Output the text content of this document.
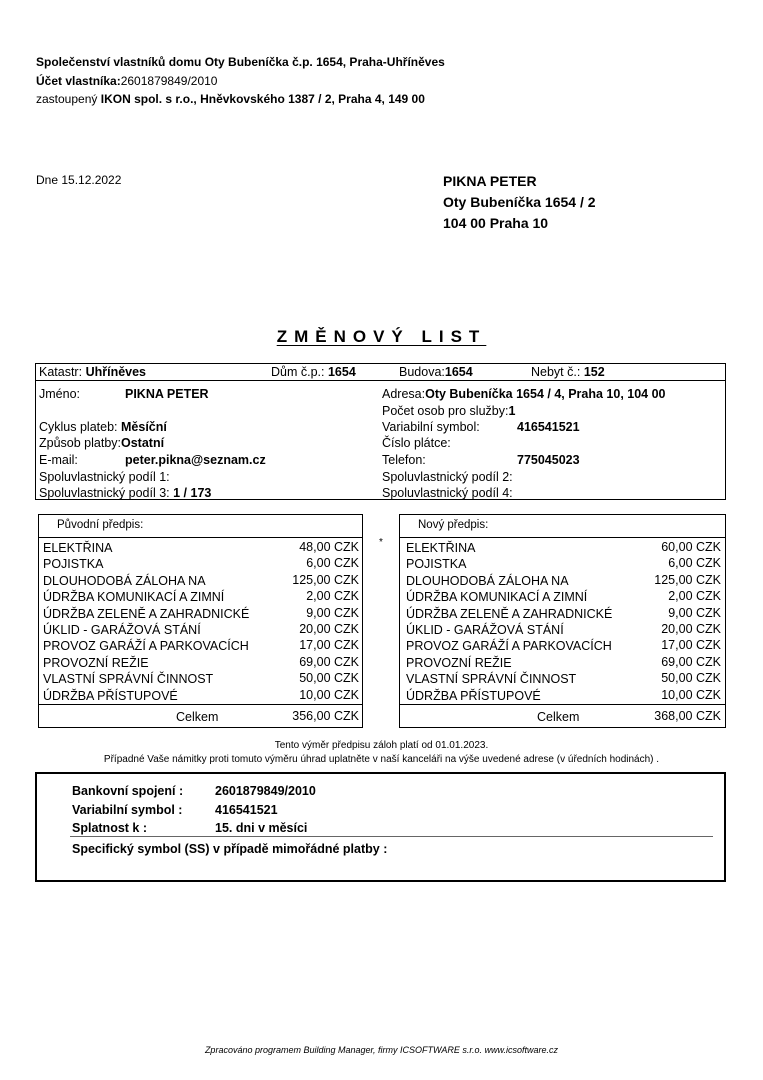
Společenství vlastníků domu Oty Bubeníčka č.p. 1654, Praha-Uhříněves
Účet vlastníka:2601879849/2010
zastoupený IKON spol. s r.o., Hněvkovského 1387 / 2, Praha 4, 149 00
Dne 15.12.2022	PIKNA PETER
Oty Bubeníčka 1654 / 2
104 00 Praha 10
ZMĚNOVÝ LIST
Katastr: Uhříněves	Dům č.p.: 1654	Budova:1654	Nebyt č.: 152
Jméno:	PIKNA PETER	Adresa:Oty Bubeníčka 1654 / 4, Praha 10, 104 00
Počet osob pro služby:1
Cyklus plateb: Měsíční	Variabilní symbol:	416541521
Způsob platby:Ostatní	Číslo plátce:
E-mail:	peter.pikna@seznam.cz	Telefon:	775045023
Spoluvlastnický podíl 1:	Spoluvlastnický podíl 2:
Spoluvlastnický podíl 3: 1 / 173	Spoluvlastnický podíl 4:
Původní předpis:
ELEKTŘINA	48,00 CZK
POJISTKA	6,00 CZK
DLOUHODOBÁ ZÁLOHA NA	125,00 CZK
ÚDRŽBA KOMUNIKACÍ A ZIMNÍ	2,00 CZK
ÚDRŽBA ZELENĚ A ZAHRADNICKÉ	9,00 CZK
ÚKLID - GARÁŽOVÁ STÁNÍ	20,00 CZK
PROVOZ GARÁŽÍ A PARKOVACÍCH	17,00 CZK
PROVOZNÍ REŽIE	69,00 CZK
VLASTNÍ SPRÁVNÍ ČINNOST	50,00 CZK
ÚDRŽBA PŘÍSTUPOVÉ	10,00 CZK
Celkem	356,00 CZK
*
Nový předpis:
ELEKTŘINA	60,00 CZK
POJISTKA	6,00 CZK
DLOUHODOBÁ ZÁLOHA NA	125,00 CZK
ÚDRŽBA KOMUNIKACÍ A ZIMNÍ	2,00 CZK
ÚDRŽBA ZELENĚ A ZAHRADNICKÉ	9,00 CZK
ÚKLID - GARÁŽOVÁ STÁNÍ	20,00 CZK
PROVOZ GARÁŽÍ A PARKOVACÍCH	17,00 CZK
PROVOZNÍ REŽIE	69,00 CZK
VLASTNÍ SPRÁVNÍ ČINNOST	50,00 CZK
ÚDRŽBA PŘÍSTUPOVÉ	10,00 CZK
Celkem	368,00 CZK
Tento výměr předpisu záloh platí od 01.01.2023.
Případné Vaše námitky proti tomuto výměru úhrad uplatněte v naší kanceláři na výše uvedené adrese (v úředních hodinách) .
Bankovní spojení :	2601879849/2010
Variabilní symbol :	416541521
Splatnost k :	15. dni v měsíci
Specifický symbol (SS) v případě mimořádné platby :
Zpracováno programem Building Manager, firmy ICSOFTWARE s.r.o. www.icsoftware.cz
